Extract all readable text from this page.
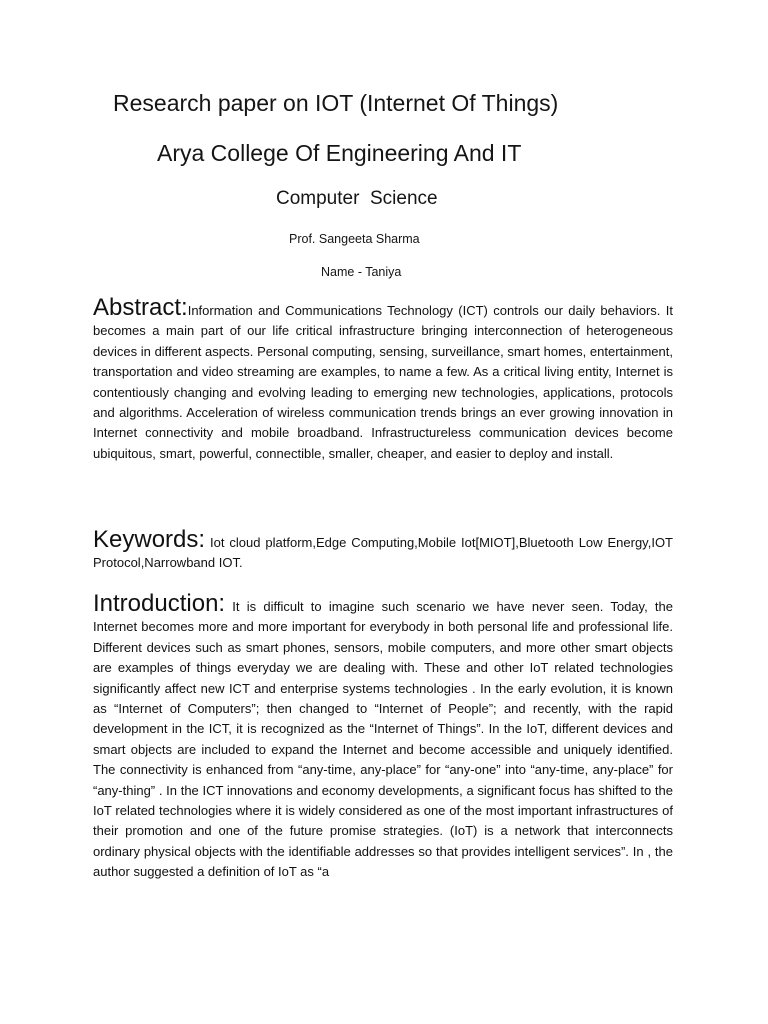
Research paper on IOT (Internet Of Things)
Arya College Of Engineering And IT
Computer  Science
Prof. Sangeeta Sharma
Name - Taniya
Abstract:Information and Communications Technology (ICT) controls our daily behaviors. It becomes a main part of our life critical infrastructure bringing interconnection of heterogeneous devices in different aspects. Personal computing, sensing, surveillance, smart homes, entertainment, transportation and video streaming are examples, to name a few. As a critical living entity, Internet is contentiously changing and evolving leading to emerging new technologies, applications, protocols and algorithms. Acceleration of wireless communication trends brings an ever growing innovation in Internet connectivity and mobile broadband. Infrastructureless communication devices become ubiquitous, smart, powerful, connectible, smaller, cheaper, and easier to deploy and install.
Keywords: Iot cloud platform,Edge Computing,Mobile Iot[MIOT],Bluetooth Low Energy,IOT Protocol,Narrowband IOT.
Introduction: It is difficult to imagine such scenario we have never seen. Today, the Internet becomes more and more important for everybody in both personal life and professional life. Different devices such as smart phones, sensors, mobile computers, and more other smart objects are examples of things everyday we are dealing with. These and other IoT related technologies significantly affect new ICT and enterprise systems technologies . In the early evolution, it is known as “Internet of Computers”; then changed to “Internet of People”; and recently, with the rapid development in the ICT, it is recognized as the “Internet of Things”. In the IoT, different devices and smart objects are included to expand the Internet and become accessible and uniquely identified. The connectivity is enhanced from “any-time, any-place” for “any-one” into “any-time, any-place” for “any-thing” . In the ICT innovations and economy developments, a significant focus has shifted to the IoT related technologies where it is widely considered as one of the most important infrastructures of their promotion and one of the future promise strategies. (IoT) is a network that interconnects ordinary physical objects with the identifiable addresses so that provides intelligent services”. In , the author suggested a definition of IoT as “a
